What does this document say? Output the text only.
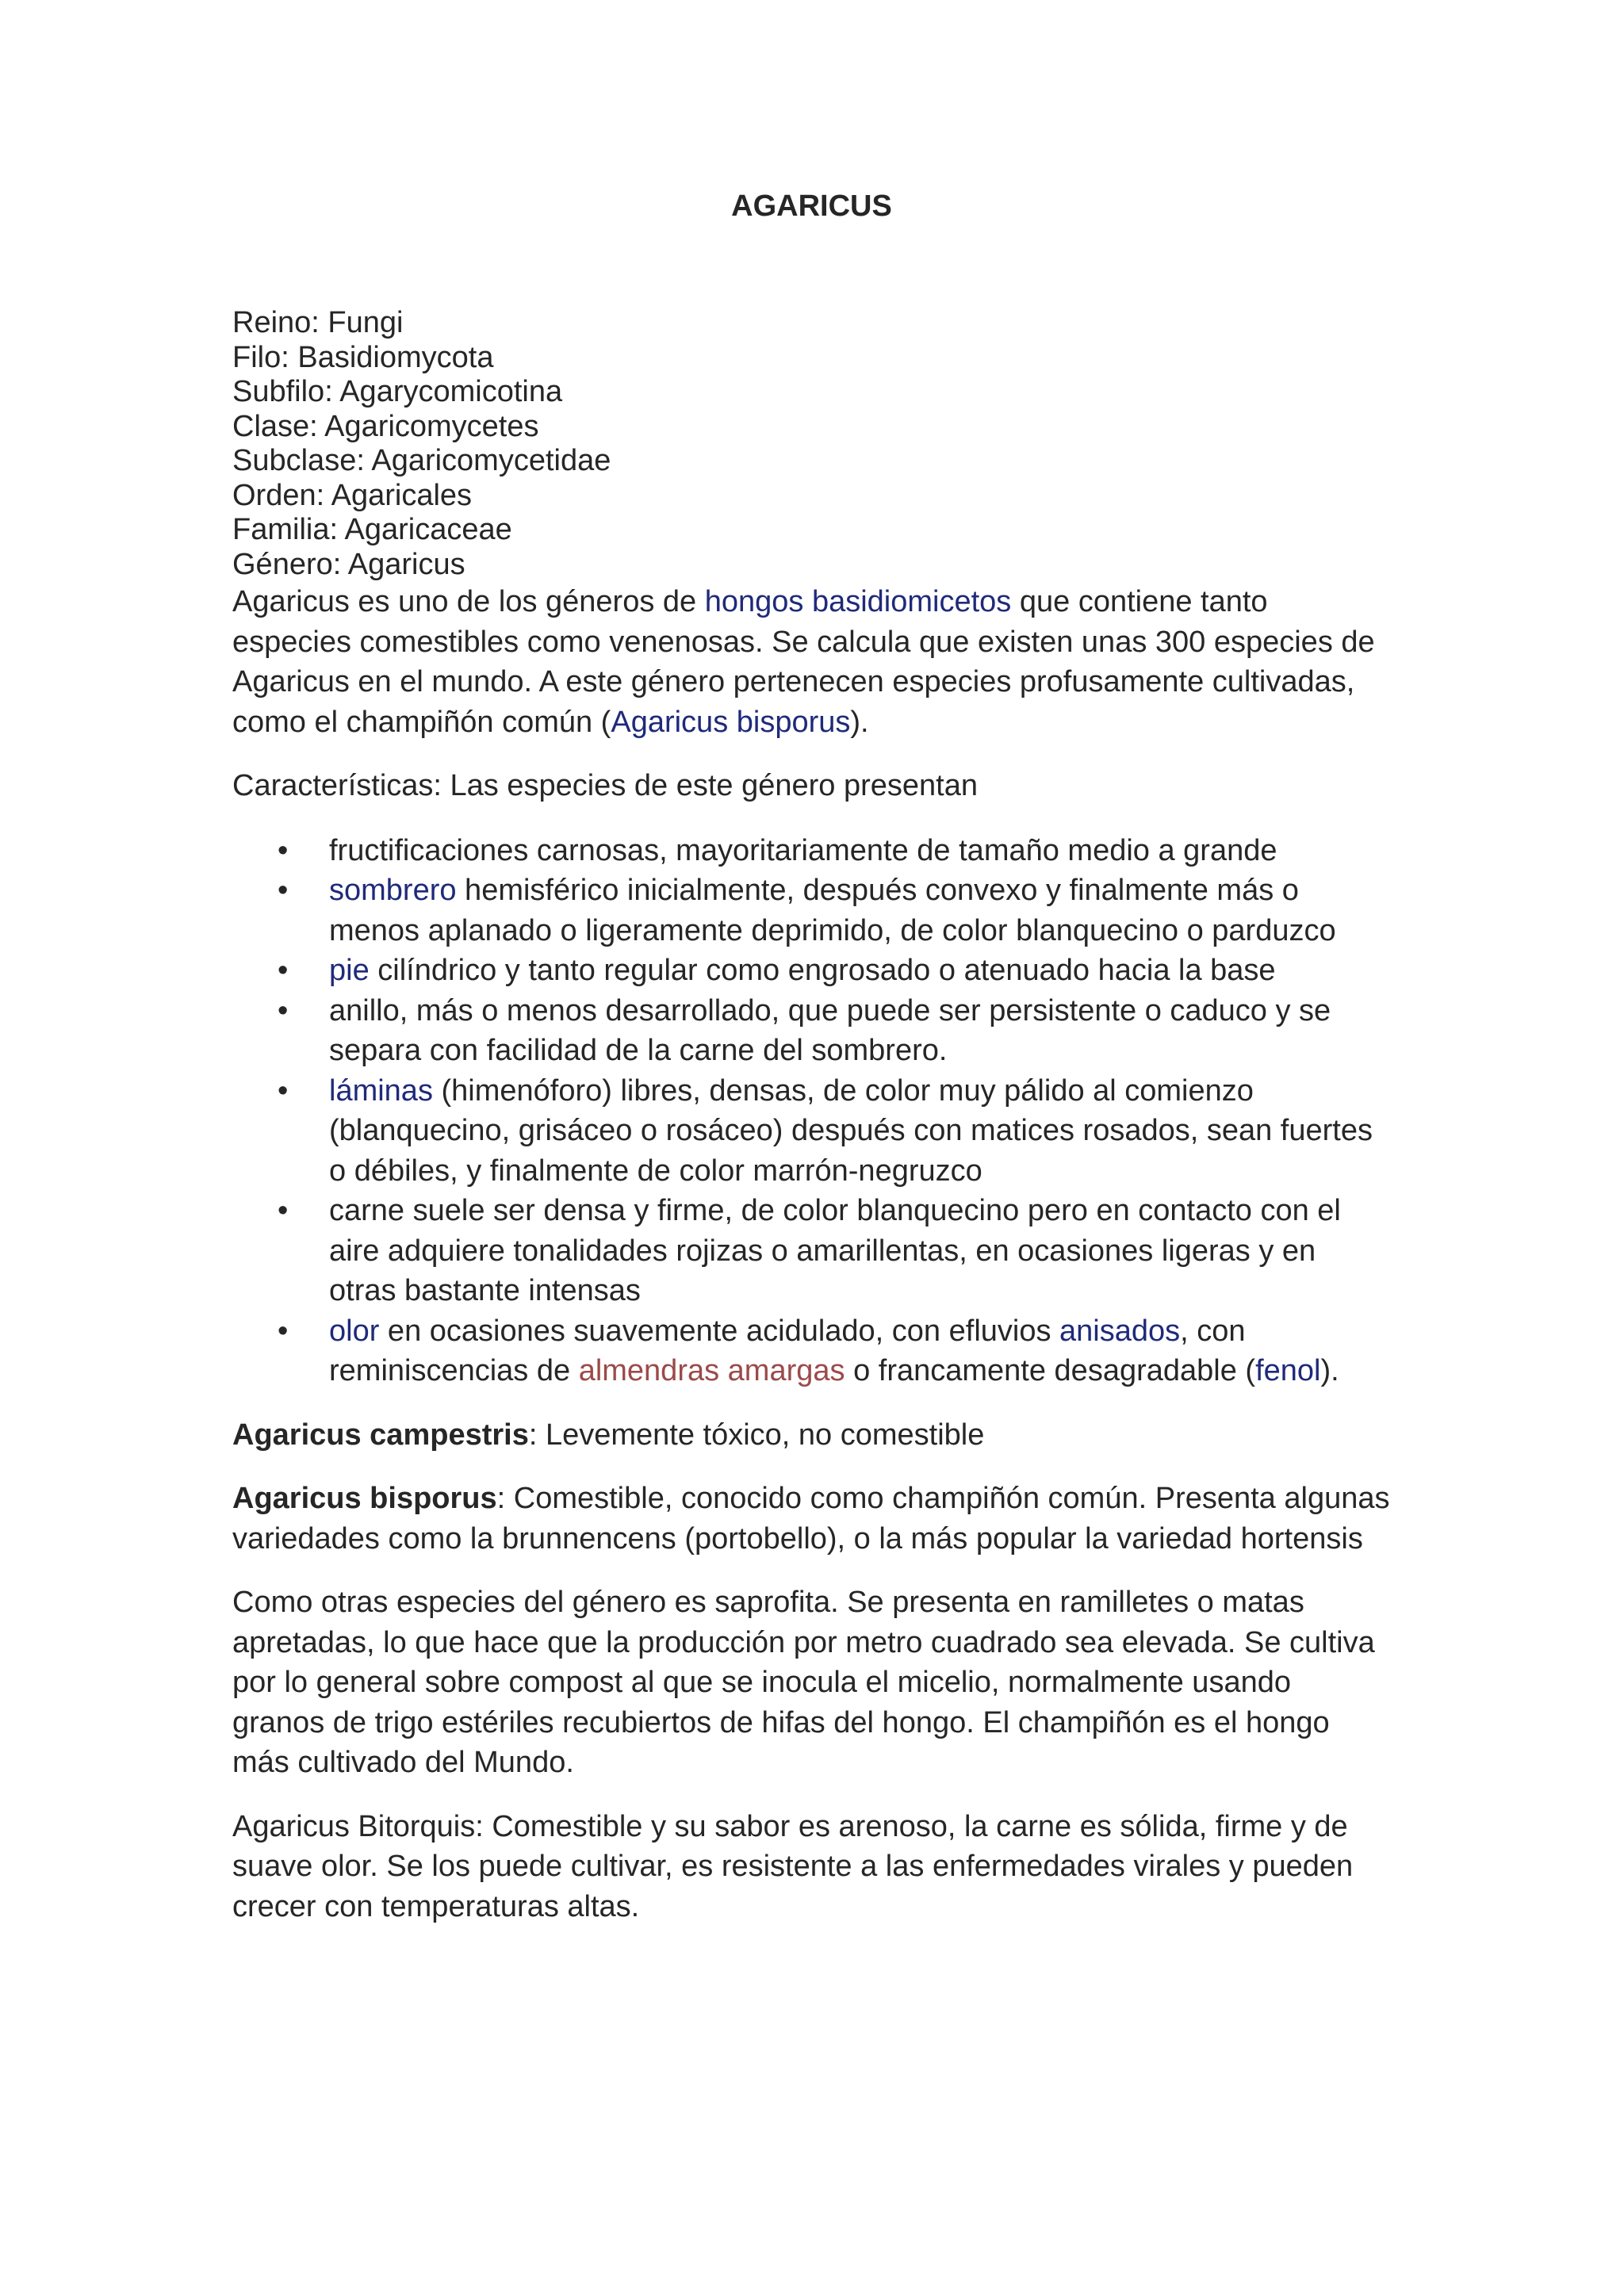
AGARICUS
Reino: Fungi
Filo: Basidiomycota
Subfilo: Agarycomicotina
Clase: Agaricomycetes
Subclase: Agaricomycetidae
Orden: Agaricales
Familia: Agaricaceae
Género: Agaricus

Agaricus es uno de los géneros de hongos basidiomicetos que contiene tanto especies comestibles como venenosas. Se calcula que existen unas 300 especies de Agaricus en el mundo. A este género pertenecen especies profusamente cultivadas, como el champiñón común (Agaricus bisporus).

Características: Las especies de este género presentan

• fructificaciones carnosas, mayoritariamente de tamaño medio a grande
• sombrero hemisférico inicialmente, después convexo y finalmente más o menos aplanado o ligeramente deprimido, de color blanquecino o parduzco
• pie cilíndrico y tanto regular como engrosado o atenuado hacia la base
• anillo, más o menos desarrollado, que puede ser persistente o caduco y se separa con facilidad de la carne del sombrero.
• láminas (himenóforo) libres, densas, de color muy pálido al comienzo (blanquecino, grisáceo o rosáceo) después con matices rosados, sean fuertes o débiles, y finalmente de color marrón-negruzco
• carne suele ser densa y firme, de color blanquecino pero en contacto con el aire adquiere tonalidades rojizas o amarillentas, en ocasiones ligeras y en otras bastante intensas
• olor en ocasiones suavemente acidulado, con efluvios anisados, con reminiscencias de almendras amargas o francamente desagradable (fenol).

Agaricus campestris: Levemente tóxico, no comestible

Agaricus bisporus: Comestible, conocido como champiñón común. Presenta algunas variedades como la brunnencens (portobello), o la más popular la variedad hortensis

Como otras especies del género es saprofita. Se presenta en ramilletes o matas apretadas, lo que hace que la producción por metro cuadrado sea elevada. Se cultiva por lo general sobre compost al que se inocula el micelio, normalmente usando granos de trigo estériles recubiertos de hifas del hongo. El champiñón es el hongo más cultivado del Mundo.

Agaricus Bitorquis: Comestible y su sabor es arenoso, la carne es sólida, firme y de suave olor. Se los puede cultivar, es resistente a las enfermedades virales y pueden crecer con temperaturas altas.
